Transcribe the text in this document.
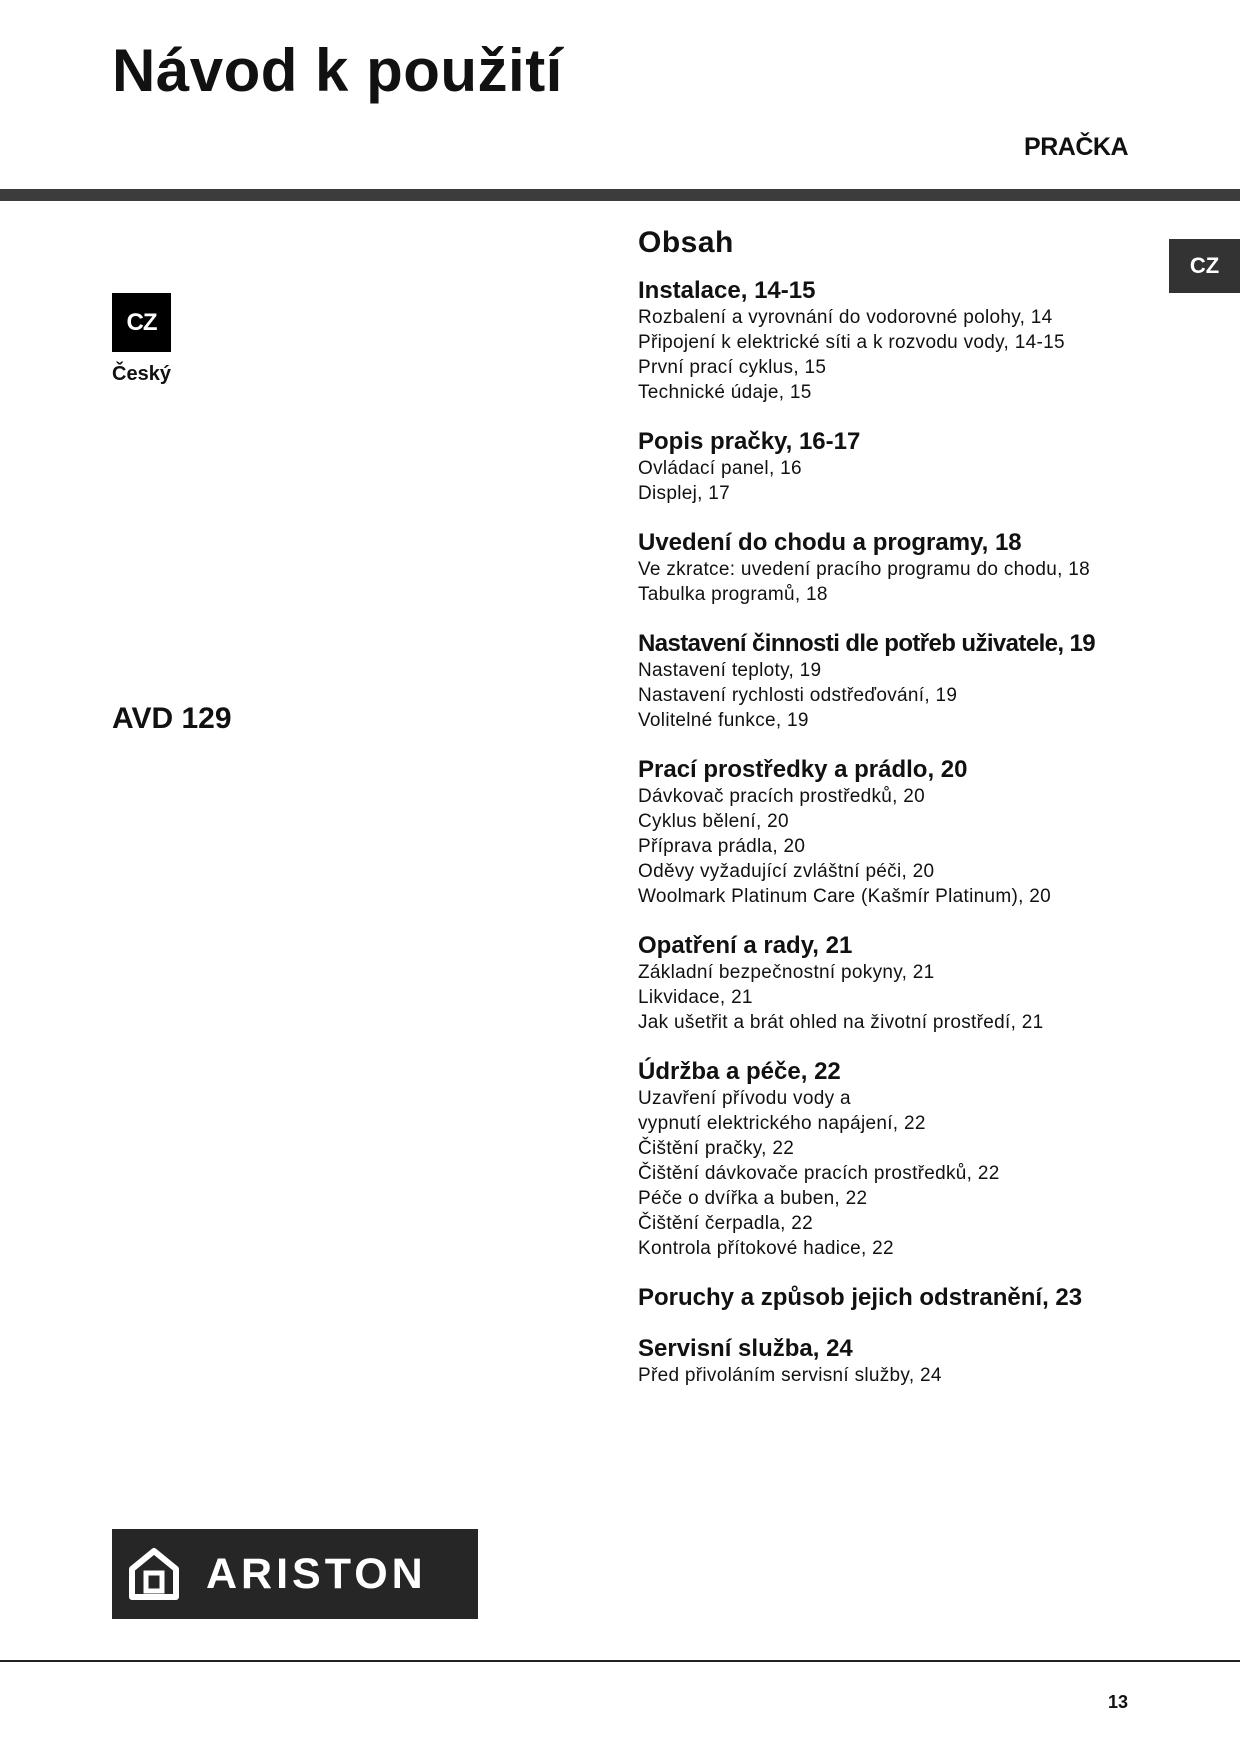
Návod k použití
PRAČKA
CZ
CZ
Český
AVD 129
Obsah
Instalace, 14-15
Rozbalení a vyrovnání do vodorovné polohy, 14
Připojení k elektrické síti a k rozvodu vody, 14-15
První prací cyklus, 15
Technické údaje, 15
Popis pračky, 16-17
Ovládací panel, 16
Displej, 17
Uvedení do chodu a programy, 18
Ve zkratce: uvedení pracího programu do chodu, 18
Tabulka programů, 18
Nastavení činnosti dle potřeb uživatele, 19
Nastavení teploty, 19
Nastavení rychlosti odstřeďování, 19
Volitelné funkce, 19
Prací prostředky a prádlo, 20
Dávkovač pracích prostředků, 20
Cyklus bělení, 20
Příprava prádla, 20
Oděvy vyžadující zvláštní péči, 20
Woolmark Platinum Care (Kašmír Platinum), 20
Opatření a rady, 21
Základní bezpečnostní pokyny, 21
Likvidace, 21
Jak ušetřit a brát ohled na životní prostředí, 21
Údržba a péče, 22
Uzavření přívodu vody a
vypnutí elektrického napájení, 22
Čištění pračky, 22
Čištění dávkovače pracích prostředků, 22
Péče o dvířka a buben, 22
Čištění čerpadla, 22
Kontrola přítokové hadice, 22
Poruchy a způsob jejich odstranění, 23
Servisní služba, 24
Před přivoláním servisní služby, 24
ARISTON
13
